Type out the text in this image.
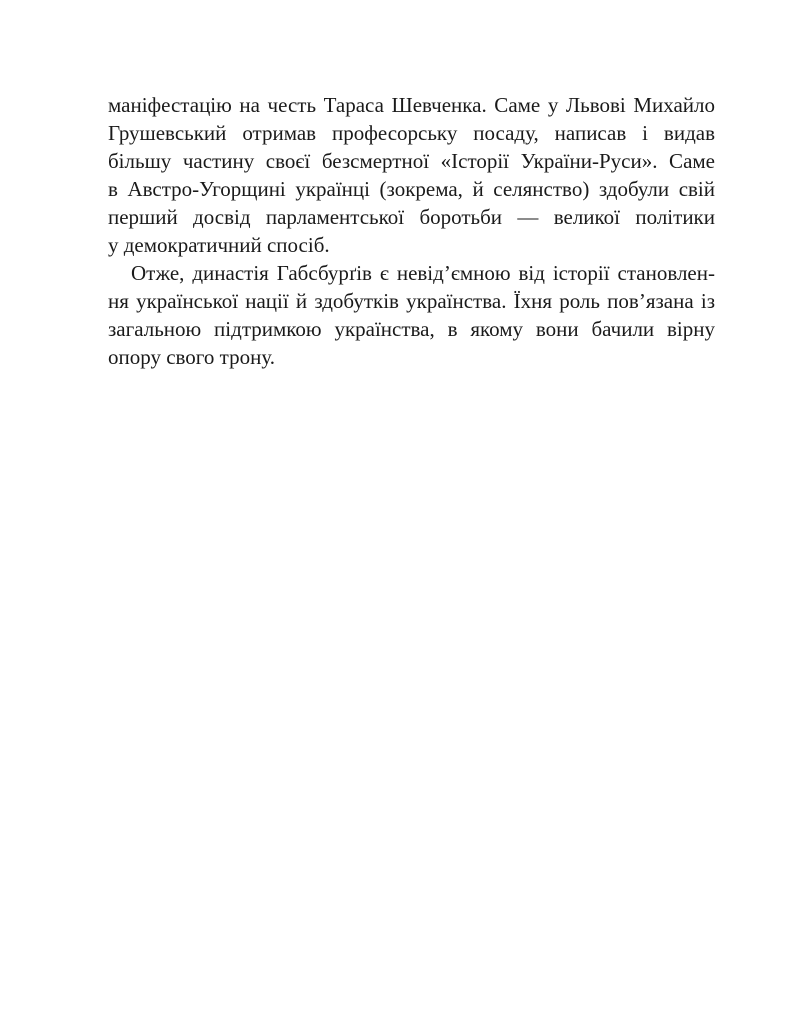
маніфестацію на честь Тараса Шевченка. Саме у Львові Михайло
Грушевський отримав професорську посаду, написав і видав
більшу частину своєї безсмертної «Історії України-Руси». Саме
в Австро-Угорщині українці (зокрема, й селянство) здобули свій
перший досвід парламентської боротьби — великої політики
у демократичний спосіб.
Отже, династія Габсбурґів є невід’ємною від історії становлен-
ня української нації й здобутків українства. Їхня роль пов’язана із
загальною підтримкою українства, в якому вони бачили вірну
опору свого трону.
